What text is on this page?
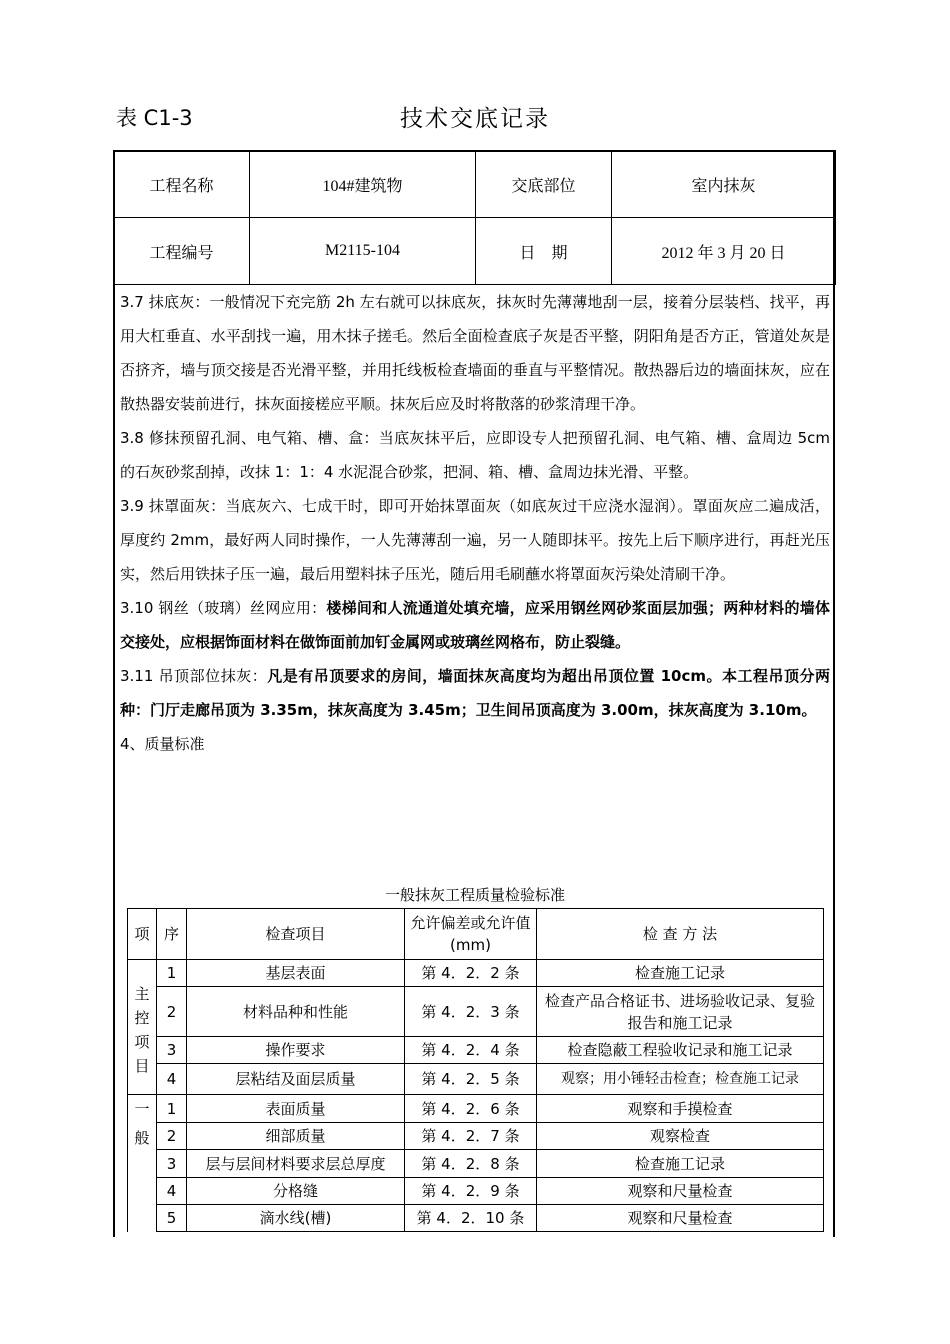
表 C1-3	技术交底记录
工程名称	104#建筑物	交底部位	室内抹灰
工程编号	M2115-104	日　期	2012 年 3 月 20 日

3.7 抹底灰：一般情况下充完筋 2h 左右就可以抹底灰，抹灰时先薄薄地刮一层，接着分层装档、找平，再用大杠垂直、水平刮找一遍，用木抹子搓毛。然后全面检查底子灰是否平整，阴阳角是否方正，管道处灰是否挤齐，墙与顶交接是否光滑平整，并用托线板检查墙面的垂直与平整情况。散热器后边的墙面抹灰，应在散热器安装前进行，抹灰面接槎应平顺。抹灰后应及时将散落的砂浆清理干净。

3.8 修抹预留孔洞、电气箱、槽、盒：当底灰抹平后，应即设专人把预留孔洞、电气箱、槽、盒周边 5cm 的石灰砂浆刮掉，改抹 1：1：4 水泥混合砂浆，把洞、箱、槽、盒周边抹光滑、平整。

3.9 抹罩面灰：当底灰六、七成干时，即可开始抹罩面灰（如底灰过干应浇水湿润）。罩面灰应二遍成活，厚度约 2mm，最好两人同时操作，一人先薄薄刮一遍，另一人随即抹平。按先上后下顺序进行，再赶光压实，然后用铁抹子压一遍，最后用塑料抹子压光，随后用毛刷蘸水将罩面灰污染处清刷干净。

3.10 钢丝（玻璃）丝网应用：楼梯间和人流通道处填充墙，应采用钢丝网砂浆面层加强；两种材料的墙体交接处，应根据饰面材料在做饰面前加钉金属网或玻璃丝网格布，防止裂缝。

3.11 吊顶部位抹灰：凡是有吊顶要求的房间，墙面抹灰高度均为超出吊顶位置 10cm。本工程吊顶分两种：门厅走廊吊顶为 3.35m，抹灰高度为 3.45m；卫生间吊顶高度为 3.00m，抹灰高度为 3.10m。

4、质量标准

一般抹灰工程质量检验标准
项	序	检查项目	允许偏差或允许值(mm)	检 查 方 法
主控项目	1	基层表面	第 4．2．2 条	检查施工记录
	2	材料品种和性能	第 4．2．3 条	检查产品合格证书、进场验收记录、复验报告和施工记录
	3	操作要求	第 4．2．4 条	检查隐蔽工程验收记录和施工记录
	4	层粘结及面层质量	第 4．2．5 条	观察；用小锤轻击检查；检查施工记录
一般	1	表面质量	第 4．2．6 条	观察和手摸检查
	2	细部质量	第 4．2．7 条	观察检查
	3	层与层间材料要求层总厚度	第 4．2．8 条	检查施工记录
	4	分格缝	第 4．2．9 条	观察和尺量检查
	5	滴水线(槽)	第 4．2．10 条	观察和尺量检查
